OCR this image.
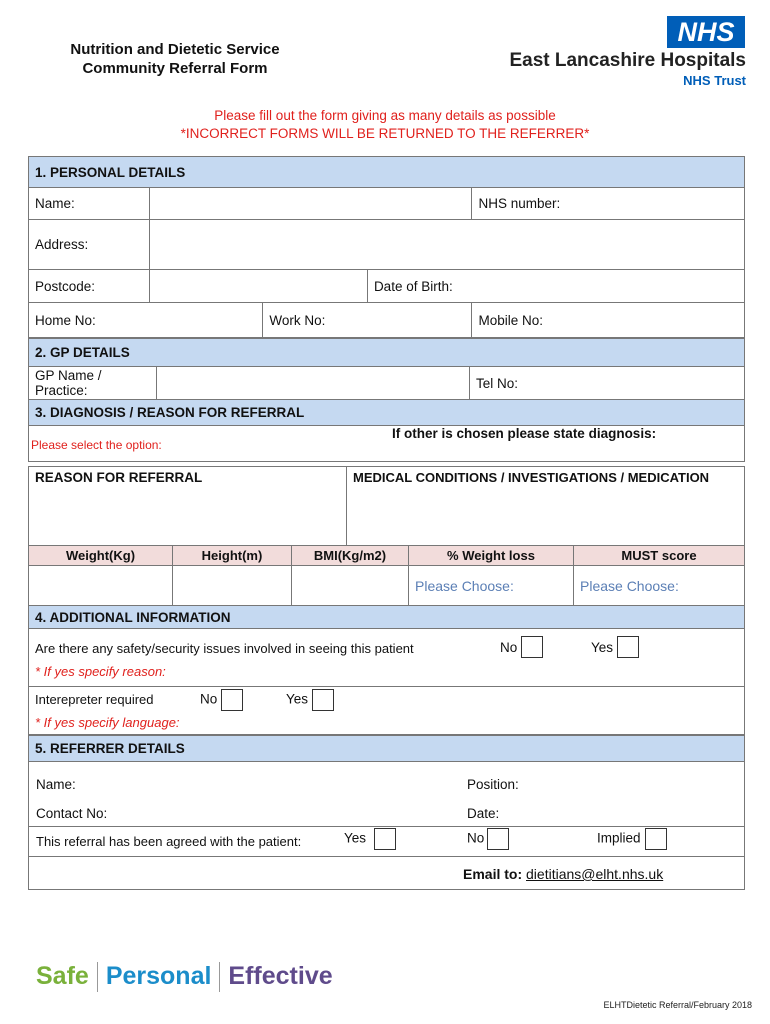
Nutrition and Dietetic Service
Community Referral Form
NHS
East Lancashire Hospitals
NHS Trust
Please fill out the form giving as many details as possible
*INCORRECT FORMS WILL BE RETURNED TO THE REFERRER*
1. PERSONAL DETAILS				
Name:				NHS number:
Address:				
Postcode:			Date of Birth:	
Home No:		Work No:		Mobile No:
2. GP DETAILS
GP Name / Practice:		Tel No:
3. DIAGNOSIS / REASON FOR REFERRAL

Please select the option:
If other is chosen please state diagnosis:
REASON FOR REFERRAL	MEDICAL CONDITIONS / INVESTIGATIONS / MEDICATION
Weight(Kg)	Height(m)	BMI(Kg/m2)	% Weight loss	MUST score
			Please Choose:	Please Choose:
4. ADDITIONAL INFORMATION

Are there any safety/security issues involved in seeing this patient	No	Yes
* If yes specify reason:

Interepreter required	No	Yes
* If yes specify language:
5. REFERRER DETAILS

Name:	Position:
Contact No:	Date:
This referral has been agreed with the patient:	Yes	No	Implied
Email to: dietitians@elht.nhs.uk
Safe Personal Effective
ELHTDietetic Referral/February 2018
